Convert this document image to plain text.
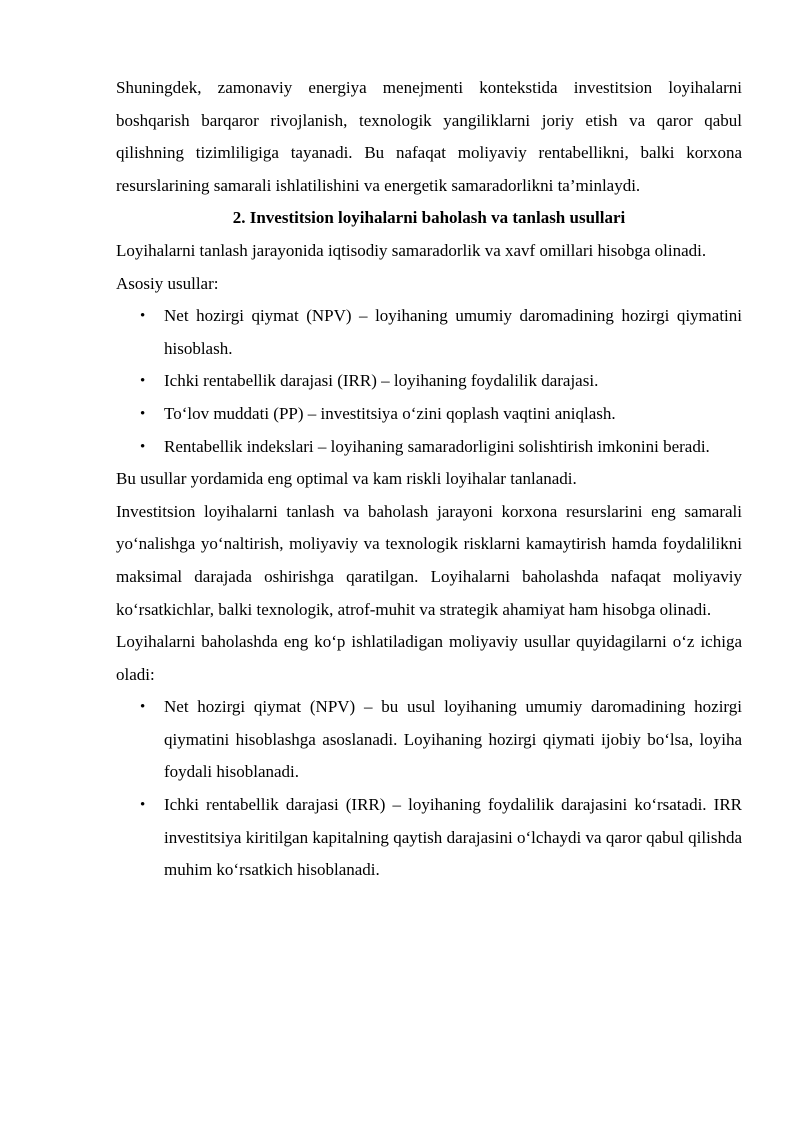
Shuningdek, zamonaviy energiya menejmenti kontekstida investitsion loyihalarni boshqarish barqaror rivojlanish, texnologik yangiliklarni joriy etish va qaror qabul qilishning tizimliligiga tayanadi. Bu nafaqat moliyaviy rentabellikni, balki korxona resurslarining samarali ishlatilishini va energetik samaradorlikni ta’minlaydi.

2. Investitsion loyihalarni baholash va tanlash usullari

Loyihalarni tanlash jarayonida iqtisodiy samaradorlik va xavf omillari hisobga olinadi.

Asosiy usullar:

• Net hozirgi qiymat (NPV) – loyihaning umumiy daromadining hozirgi qiymatini hisoblash.
• Ichki rentabellik darajasi (IRR) – loyihaning foydalilik darajasi.
• To‘lov muddati (PP) – investitsiya o‘zini qoplash vaqtini aniqlash.
• Rentabellik indekslari – loyihaning samaradorligini solishtirish imkonini beradi.

Bu usullar yordamida eng optimal va kam riskli loyihalar tanlanadi.

Investitsion loyihalarni tanlash va baholash jarayoni korxona resurslarini eng samarali yo‘nalishga yo‘naltirish, moliyaviy va texnologik risklarni kamaytirish hamda foydalilikni maksimal darajada oshirishga qaratilgan. Loyihalarni baholashda nafaqat moliyaviy ko‘rsatkichlar, balki texnologik, atrof-muhit va strategik ahamiyat ham hisobga olinadi.

Loyihalarni baholashda eng ko‘p ishlatiladigan moliyaviy usullar quyidagilarni o‘z ichiga oladi:

• Net hozirgi qiymat (NPV) – bu usul loyihaning umumiy daromadining hozirgi qiymatini hisoblashga asoslanadi. Loyihaning hozirgi qiymati ijobiy bo‘lsa, loyiha foydali hisoblanadi.
• Ichki rentabellik darajasi (IRR) – loyihaning foydalilik darajasini ko‘rsatadi. IRR investitsiya kiritilgan kapitalning qaytish darajasini o‘lchaydi va qaror qabul qilishda muhim ko‘rsatkich hisoblanadi.
